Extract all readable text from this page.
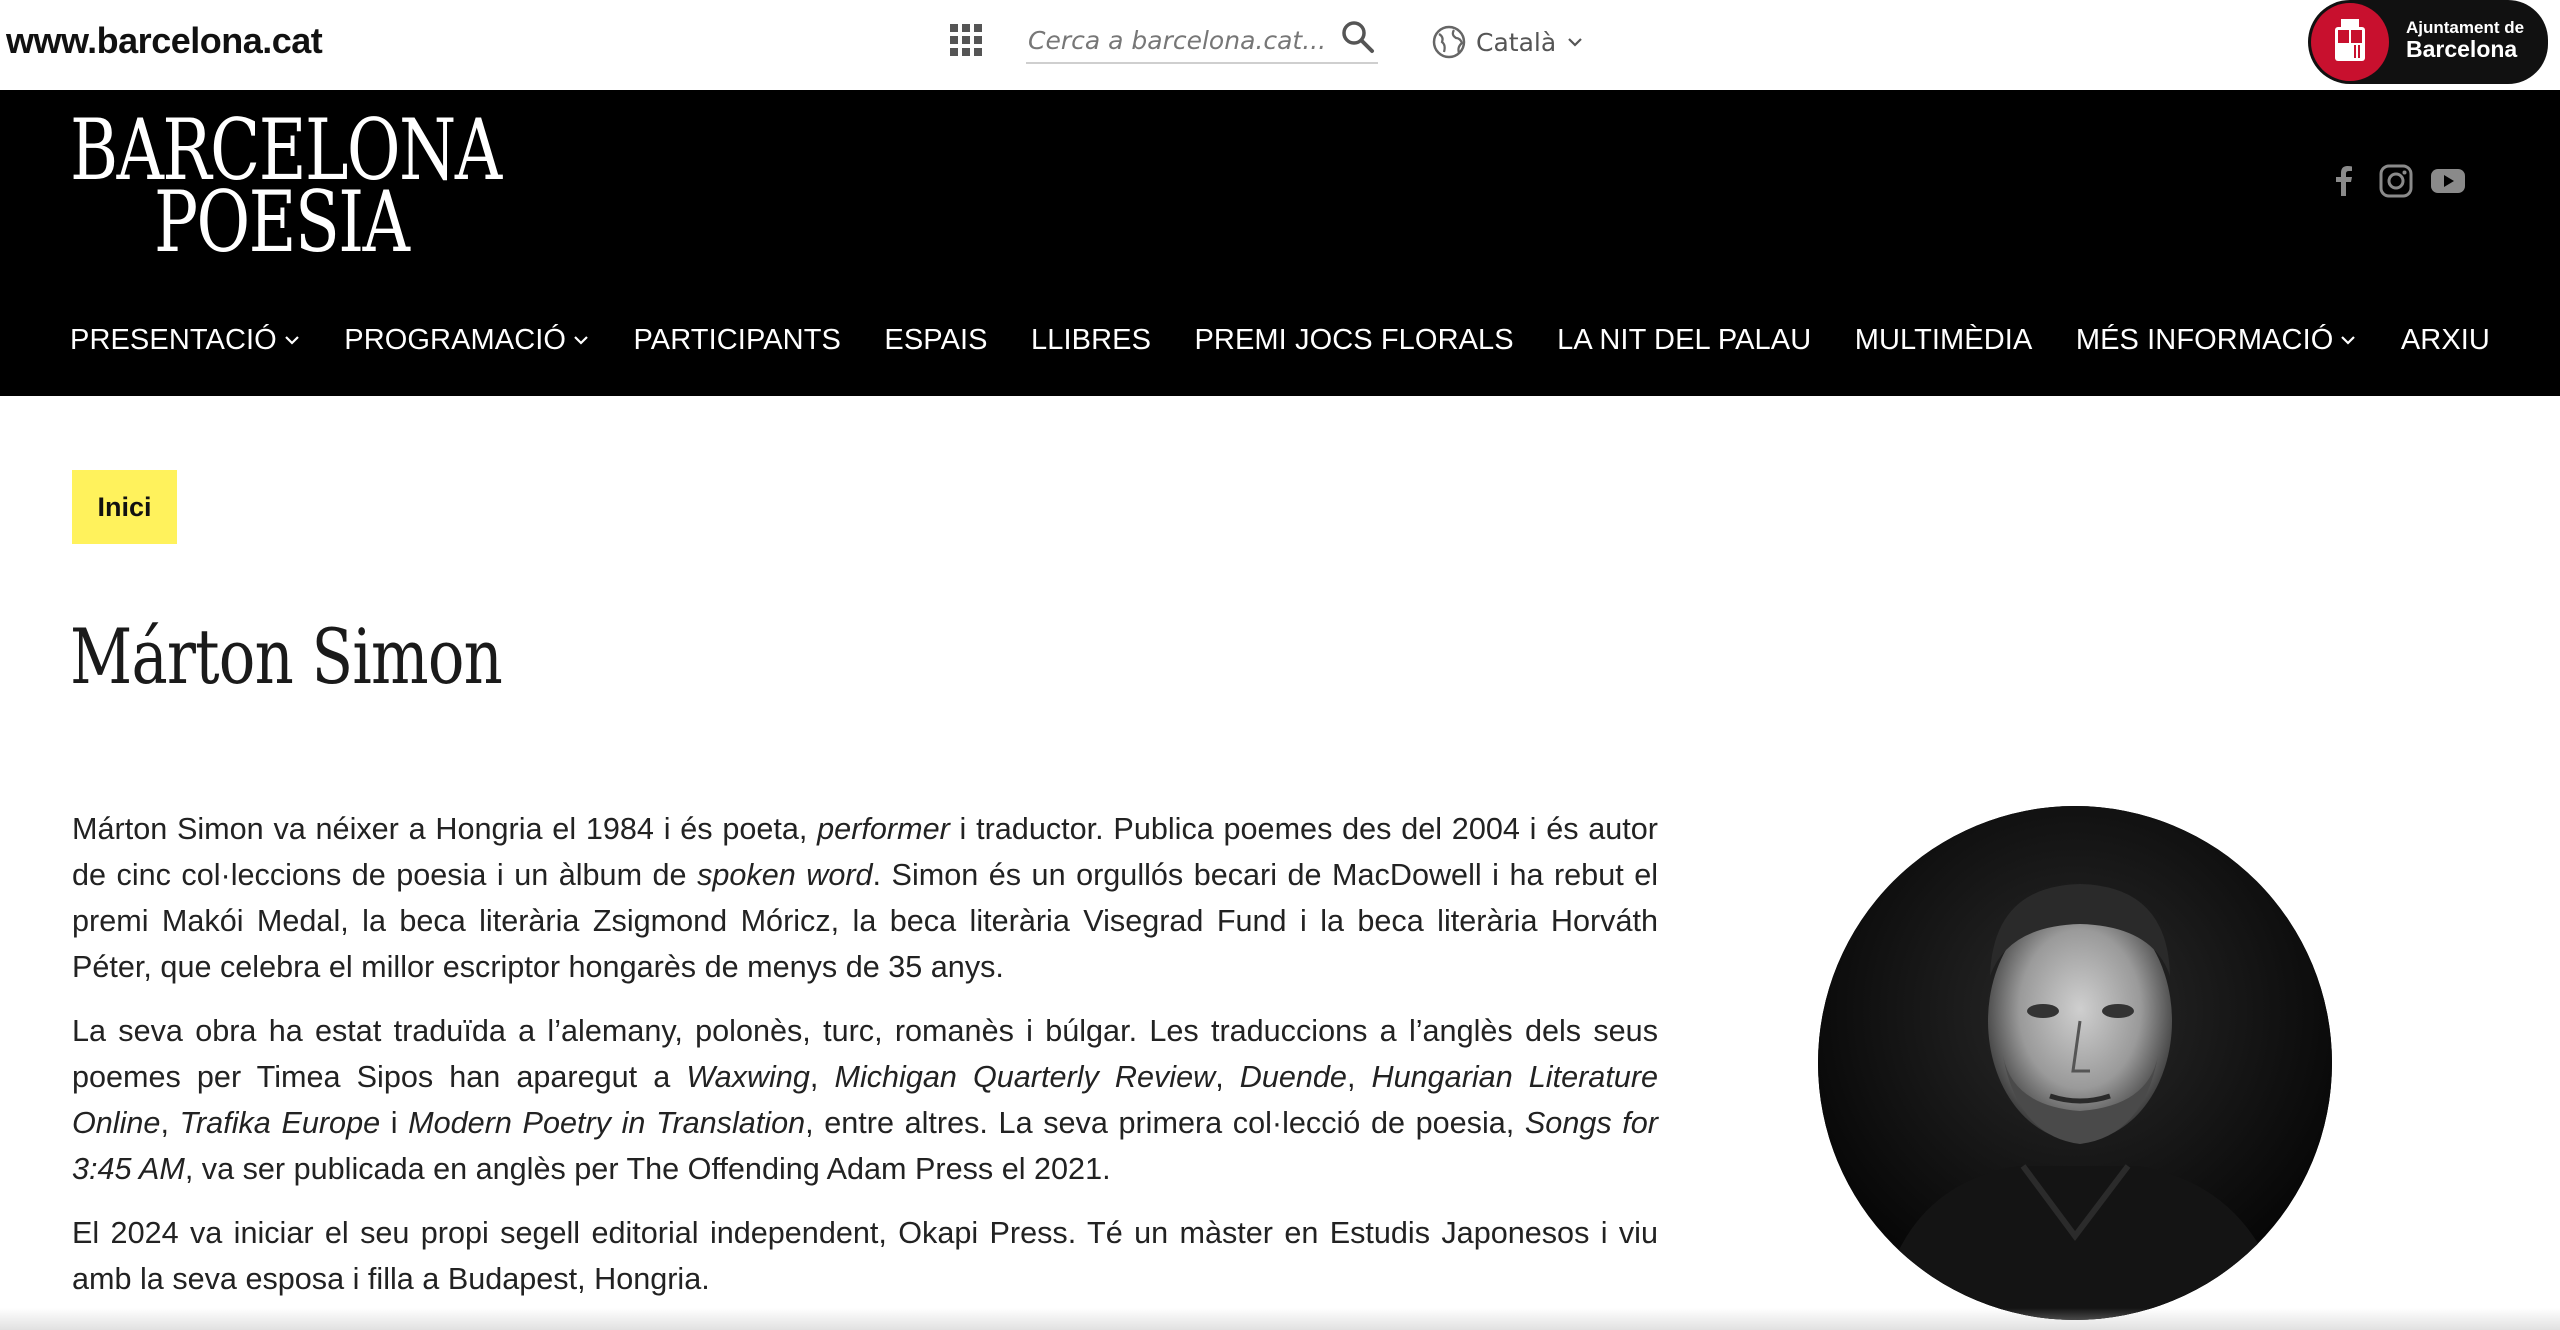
www.barcelona.cat
Cerca a barcelona.cat...	Català	Ajuntament de
Barcelona
BARCELONA
POESIA
PRESENTACIÓ PROGRAMACIÓ PARTICIPANTS ESPAIS LLIBRES PREMI JOCS FLORALS LA NIT DEL PALAU MULTIMÈDIA MÉS INFORMACIÓ ARXIU
Inici
Márton Simon

Márton Simon va néixer a Hongria el 1984 i és poeta, performer i traductor. Publica poemes des del 2004 i és autor de cinc col·leccions de poesia i un àlbum de spoken word. Simon és un orgullós becari de MacDowell i ha rebut el premi Makói Medal, la beca literària Zsigmond Móricz, la beca literària Visegrad Fund i la beca literària Horváth Péter, que celebra el millor escriptor hongarès de menys de 35 anys.

La seva obra ha estat traduïda a l’alemany, polonès, turc, romanès i búlgar. Les traduccions a l’anglès dels seus poemes per Timea Sipos han aparegut a Waxwing, Michigan Quarterly Review, Duende, Hungarian Literature Online, Trafika Europe i Modern Poetry in Translation, entre altres. La seva primera col·lecció de poesia, Songs for 3:45 AM, va ser publicada en anglès per The Offending Adam Press el 2021.

El 2024 va iniciar el seu propi segell editorial independent, Okapi Press. Té un màster en Estudis Japonesos i viu amb la seva esposa i filla a Budapest, Hongria.
